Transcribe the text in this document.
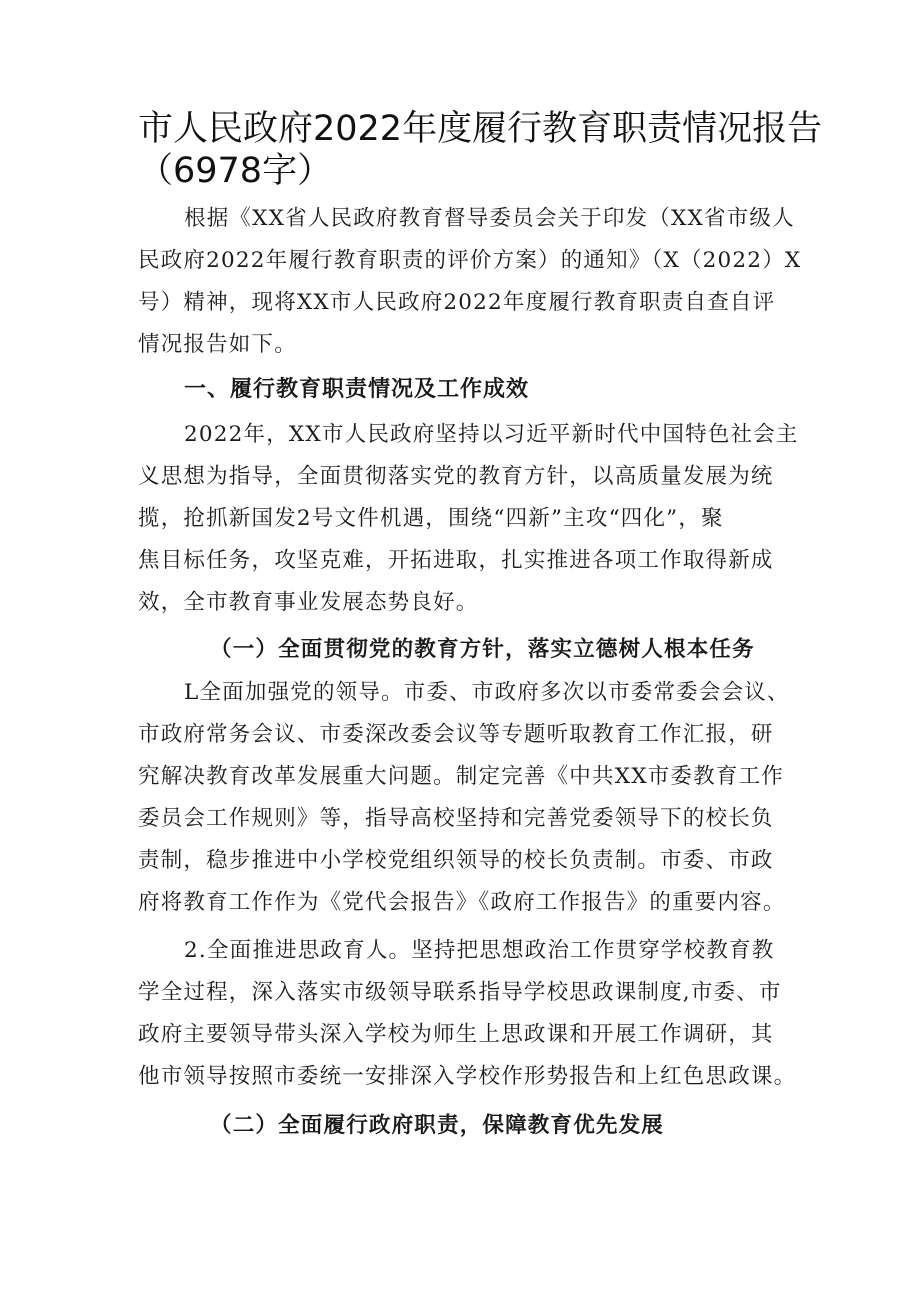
市人民政府2022年度履行教育职责情况报告
（6978字）
根据《XX省人民政府教育督导委员会关于印发（XX省市级人
民政府2022年履行教育职责的评价方案）的通知》（X（2022）X
号）精神，现将XX市人民政府2022年度履行教育职责自查自评
情况报告如下。
一、履行教育职责情况及工作成效
2022年，XX市人民政府坚持以习近平新时代中国特色社会主
义思想为指导，全面贯彻落实党的教育方针，以高质量发展为统
揽，抢抓新国发2号文件机遇，围绕“四新”主攻“四化”，聚
焦目标任务，攻坚克难，开拓进取，扎实推进各项工作取得新成
效，全市教育事业发展态势良好。
（一）全面贯彻党的教育方针，落实立德树人根本任务
L全面加强党的领导。市委、市政府多次以市委常委会会议、
市政府常务会议、市委深改委会议等专题听取教育工作汇报，研
究解决教育改革发展重大问题。制定完善《中共XX市委教育工作
委员会工作规则》等，指导高校坚持和完善党委领导下的校长负
责制，稳步推进中小学校党组织领导的校长负责制。市委、市政
府将教育工作作为《党代会报告》《政府工作报告》的重要内容。
2.全面推进思政育人。坚持把思想政治工作贯穿学校教育教
学全过程，深入落实市级领导联系指导学校思政课制度,市委、市
政府主要领导带头深入学校为师生上思政课和开展工作调研，其
他市领导按照市委统一安排深入学校作形势报告和上红色思政课。
（二）全面履行政府职责，保障教育优先发展
